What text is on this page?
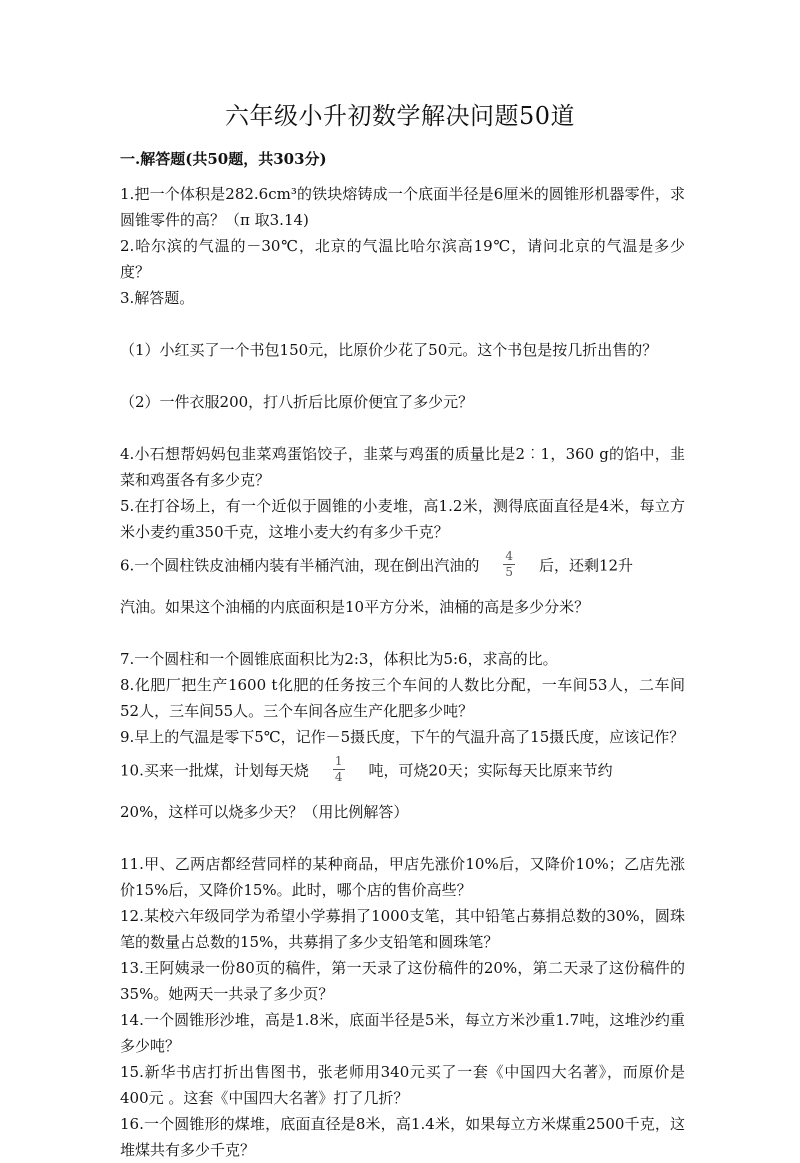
六年级小升初数学解决问题50道
一.解答题(共50题，共303分)

1.把一个体积是282.6cm³的铁块熔铸成一个底面半径是6厘米的圆锥形机器零件，求圆锥零件的高？（π 取3.14)

2.哈尔滨的气温的－30℃，北京的气温比哈尔滨高19℃，请问北京的气温是多少度？

3.解答题。

（1）小红买了一个书包150元，比原价少花了50元。这个书包是按几折出售的？

（2）一件衣服200，打八折后比原价便宜了多少元？

4.小石想帮妈妈包韭菜鸡蛋馅饺子，韭菜与鸡蛋的质量比是2︰1，360 g的馅中，韭菜和鸡蛋各有多少克？

5.在打谷场上，有一个近似于圆锥的小麦堆，高1.2米，测得底面直径是4米，每立方米小麦约重350千克，这堆小麦大约有多少千克？

6.一个圆柱铁皮油桶内装有半桶汽油，现在倒出汽油的 $\frac{4}{5}$ 后，还剩12升

汽油。如果这个油桶的内底面积是10平方分米，油桶的高是多少分米？

7.一个圆柱和一个圆锥底面积比为2:3，体积比为5:6，求高的比。

8.化肥厂把生产1600 t化肥的任务按三个车间的人数比分配，一车间53人，二车间52人，三车间55人。三个车间各应生产化肥多少吨？

9.早上的气温是零下5℃，记作－5摄氏度，下午的气温升高了15摄氏度，应该记作？

10.买来一批煤，计划每天烧 $\frac{1}{4}$ 吨，可烧20天；实际每天比原来节约

20%，这样可以烧多少天？（用比例解答）

11.甲、乙两店都经营同样的某种商品，甲店先涨价10%后，又降价10%；乙店先涨价15%后，又降价15%。此时，哪个店的售价高些？

12.某校六年级同学为希望小学募捐了1000支笔，其中铅笔占募捐总数的30%，圆珠笔的数量占总数的15%，共募捐了多少支铅笔和圆珠笔？

13.王阿姨录一份80页的稿件，第一天录了这份稿件的20%，第二天录了这份稿件的35%。她两天一共录了多少页？

14.一个圆锥形沙堆，高是1.8米，底面半径是5米，每立方米沙重1.7吨，这堆沙约重多少吨？

15.新华书店打折出售图书，张老师用340元买了一套《中国四大名著》，而原价是400元 。这套《中国四大名著》打了几折？

16.一个圆锥形的煤堆，底面直径是8米，高1.4米，如果每立方米煤重2500千克，这堆煤共有多少千克？
